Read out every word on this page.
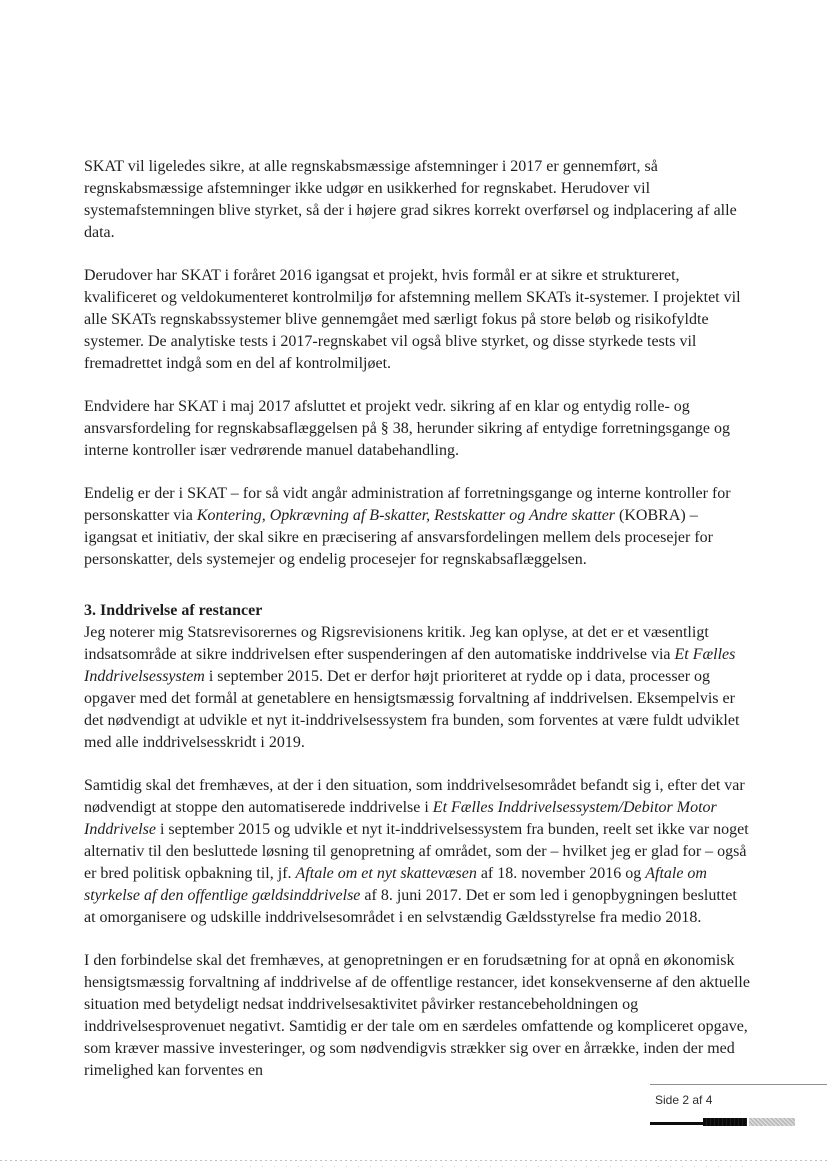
SKAT vil ligeledes sikre, at alle regnskabsmæssige afstemninger i 2017 er gennemført, så regnskabsmæssige afstemninger ikke udgør en usikkerhed for regnskabet. Herudover vil systemafstemningen blive styrket, så der i højere grad sikres korrekt overførsel og indplacering af alle data.

Derudover har SKAT i foråret 2016 igangsat et projekt, hvis formål er at sikre et struktureret, kvalificeret og veldokumenteret kontrolmiljø for afstemning mellem SKATs it-systemer. I projektet vil alle SKATs regnskabssystemer blive gennemgået med særligt fokus på store beløb og risikofyldte systemer. De analytiske tests i 2017-regnskabet vil også blive styrket, og disse styrkede tests vil fremadrettet indgå som en del af kontrolmiljøet.

Endvidere har SKAT i maj 2017 afsluttet et projekt vedr. sikring af en klar og entydig rolle- og ansvarsfordeling for regnskabsaflæggelsen på § 38, herunder sikring af entydige forretningsgange og interne kontroller især vedrørende manuel databehandling.

Endelig er der i SKAT – for så vidt angår administration af forretningsgange og interne kontroller for personskatter via Kontering, Opkrævning af B-skatter, Restskatter og Andre skatter (KOBRA) – igangsat et initiativ, der skal sikre en præcisering af ansvarsfordelingen mellem dels procesejer for personskatter, dels systemejer og endelig procesejer for regnskabsaflæggelsen.

3. Inddrivelse af restancer

Jeg noterer mig Statsrevisorernes og Rigsrevisionens kritik. Jeg kan oplyse, at det er et væsentligt indsatsområde at sikre inddrivelsen efter suspenderingen af den automatiske inddrivelse via Et Fælles Inddrivelsessystem i september 2015. Det er derfor højt prioriteret at rydde op i data, processer og opgaver med det formål at genetablere en hensigtsmæssig forvaltning af inddrivelsen. Eksempelvis er det nødvendigt at udvikle et nyt it-inddrivelsessystem fra bunden, som forventes at være fuldt udviklet med alle inddrivelsesskridt i 2019.

Samtidig skal det fremhæves, at der i den situation, som inddrivelsesområdet befandt sig i, efter det var nødvendigt at stoppe den automatiserede inddrivelse i Et Fælles Inddrivelsessystem/Debitor Motor Inddrivelse i september 2015 og udvikle et nyt it-inddrivelsessystem fra bunden, reelt set ikke var noget alternativ til den besluttede løsning til genopretning af området, som der – hvilket jeg er glad for – også er bred politisk opbakning til, jf. Aftale om et nyt skattevæsen af 18. november 2016 og Aftale om styrkelse af den offentlige gældsinddrivelse af 8. juni 2017. Det er som led i genopbygningen besluttet at omorganisere og udskille inddrivelsesområdet i en selvstændig Gældsstyrelse fra medio 2018.

I den forbindelse skal det fremhæves, at genopretningen er en forudsætning for at opnå en økonomisk hensigtsmæssig forvaltning af inddrivelse af de offentlige restancer, idet konsekvenserne af den aktuelle situation med betydeligt nedsat inddrivelsesaktivitet påvirker restancebeholdningen og inddrivelsesprovenuet negativt. Samtidig er der tale om en særdeles omfattende og kompliceret opgave, som kræver massive investeringer, og som nødvendigvis strækker sig over en årrække, inden der med rimelighed kan forventes en

Side 2 af 4
